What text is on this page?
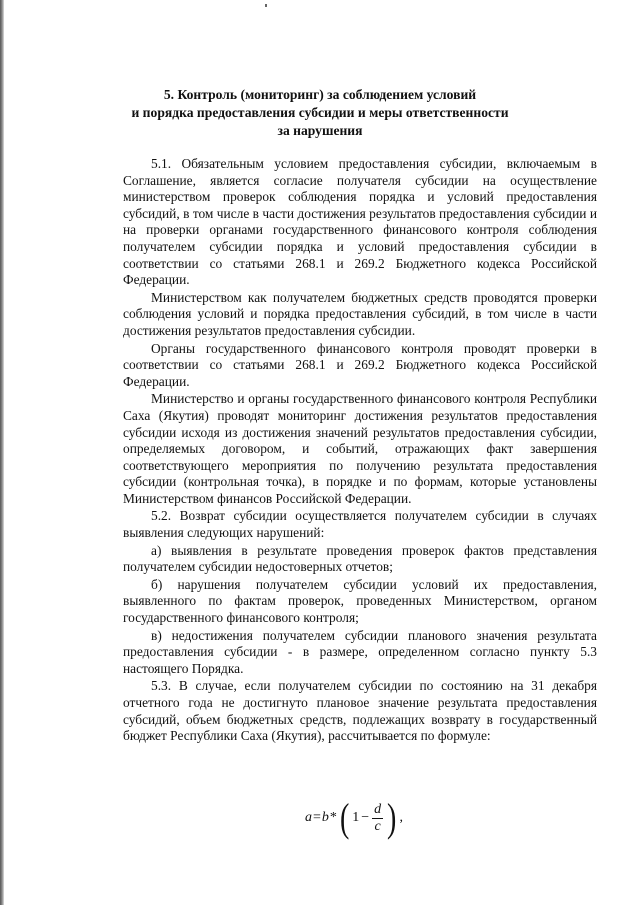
5. Контроль (мониторинг) за соблюдением условий
и порядка предоставления субсидии и меры ответственности
за нарушения

5.1. Обязательным условием предоставления субсидии, включаемым в Соглашение, является согласие получателя субсидии на осуществление министерством проверок соблюдения порядка и условий предоставления субсидий, в том числе в части достижения результатов предоставления субсидии и на проверки органами государственного финансового контроля соблюдения получателем субсидии порядка и условий предоставления субсидии в соответствии со статьями 268.1 и 269.2 Бюджетного кодекса Российской Федерации.

Министерством как получателем бюджетных средств проводятся проверки соблюдения условий и порядка предоставления субсидий, в том числе в части достижения результатов предоставления субсидии.

Органы государственного финансового контроля проводят проверки в соответствии со статьями 268.1 и 269.2 Бюджетного кодекса Российской Федерации.

Министерство и органы государственного финансового контроля Республики Саха (Якутия) проводят мониторинг достижения результатов предоставления субсидии исходя из достижения значений результатов предоставления субсидии, определяемых договором, и событий, отражающих факт завершения соответствующего мероприятия по получению результата предоставления субсидии (контрольная точка), в порядке и по формам, которые установлены Министерством финансов Российской Федерации.

5.2. Возврат субсидии осуществляется получателем субсидии в случаях выявления следующих нарушений:

а) выявления в результате проведения проверок фактов представления получателем субсидии недостоверных отчетов;

б) нарушения получателем субсидии условий их предоставления, выявленного по фактам проверок, проведенных Министерством, органом государственного финансового контроля;

в) недостижения получателем субсидии планового значения результата предоставления субсидии - в размере, определенном согласно пункту 5.3 настоящего Порядка.

5.3. В случае, если получателем субсидии по состоянию на 31 декабря отчетного года не достигнуто плановое значение результата предоставления субсидий, объем бюджетных средств, подлежащих возврату в государственный бюджет Республики Саха (Якутия), рассчитывается по формуле:

a = b * ( $1 - \frac{d}{c}$ ) ,
